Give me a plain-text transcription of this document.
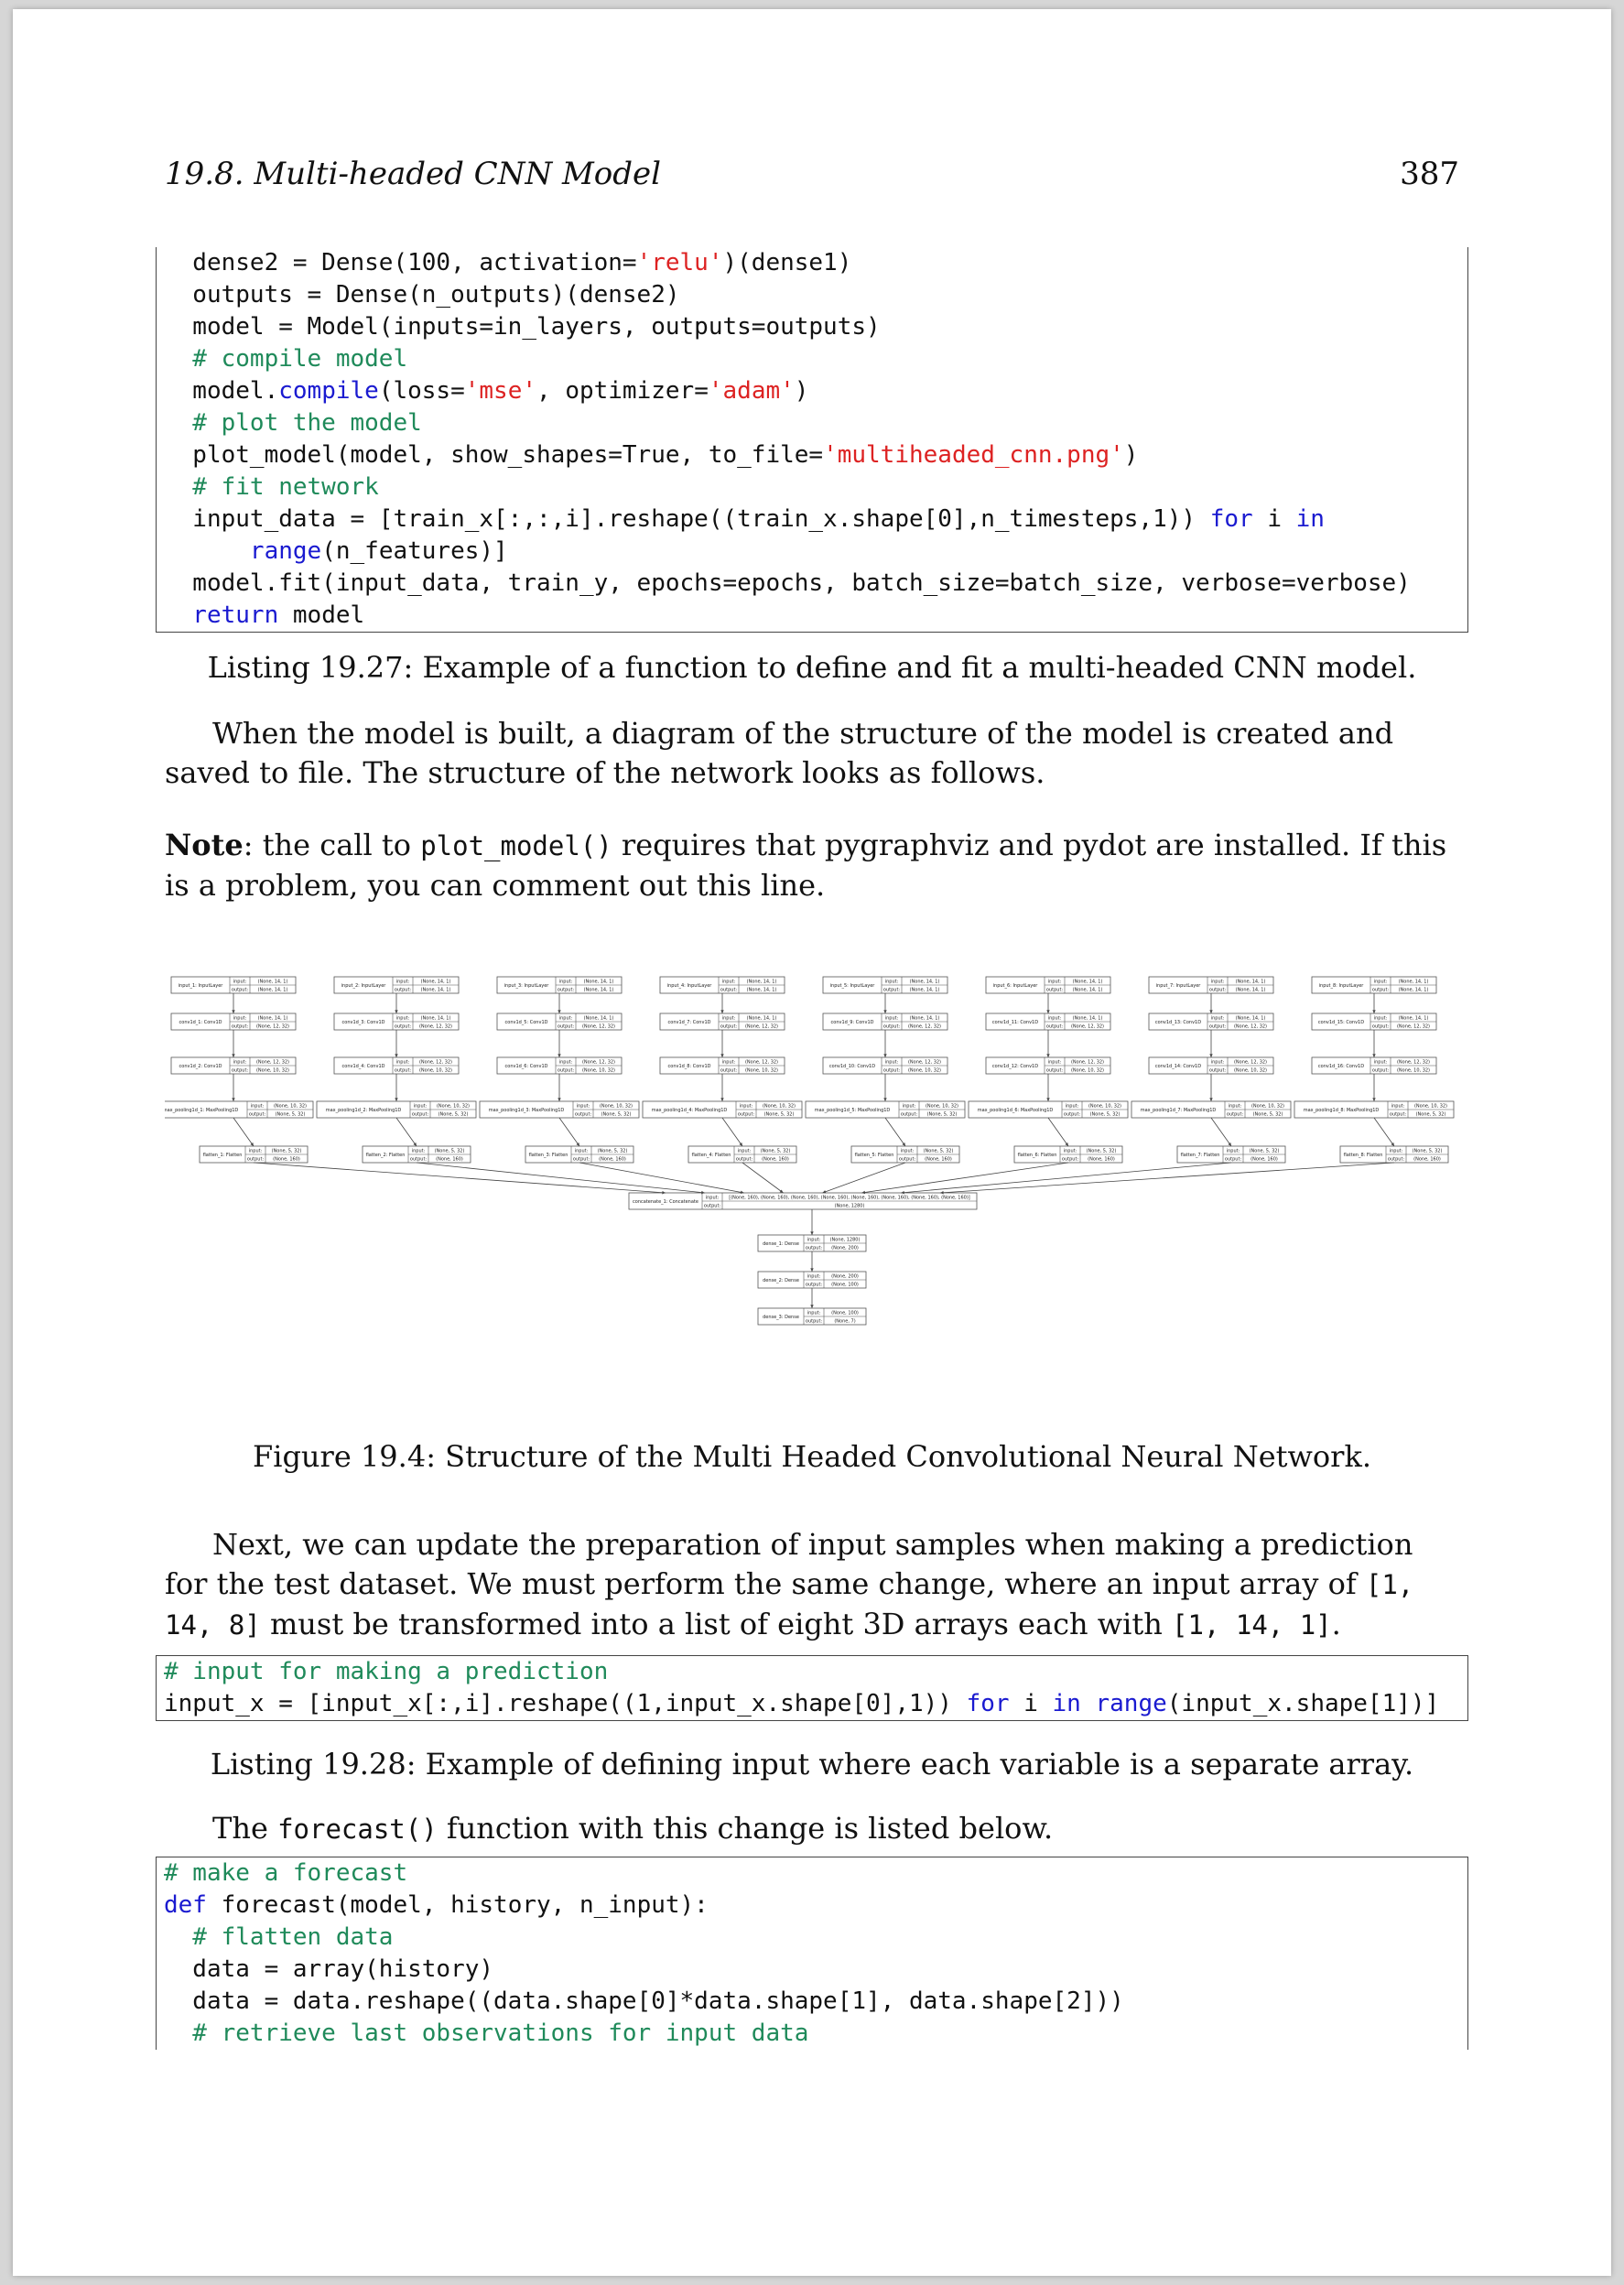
19.8. Multi-headed CNN Model	387
dense2 = Dense(100, activation='relu')(dense1)
outputs = Dense(n_outputs)(dense2)
model = Model(inputs=in_layers, outputs=outputs)
# compile model
model.compile(loss='mse', optimizer='adam')
# plot the model
plot_model(model, show_shapes=True, to_file='multiheaded_cnn.png')
# fit network
input_data = [train_x[:,:,i].reshape((train_x.shape[0],n_timesteps,1)) for i in
range(n_features)]
model.fit(input_data, train_y, epochs=epochs, batch_size=batch_size, verbose=verbose)
return model
Listing 19.27: Example of a function to define and fit a multi-headed CNN model.
When the model is built, a diagram of the structure of the model is created and saved to file. The structure of the network looks as follows.
Note: the call to plot_model() requires that pygraphviz and pydot are installed. If this is a problem, you can comment out this line.
input_1: InputLayer
input:
output:
(None, 14, 1)
(None, 14, 1)
conv1d_1: Conv1D
input:
output:
(None, 14, 1)
(None, 12, 32)
conv1d_2: Conv1D
input:
output:
(None, 12, 32)
(None, 10, 32)
max_pooling1d_1: MaxPooling1D
input:
output:
(None, 10, 32)
(None, 5, 32)
flatten_1: Flatten
input:
output:
(None, 5, 32)
(None, 160)
input_2: InputLayer
input:
output:
(None, 14, 1)
(None, 14, 1)
conv1d_3: Conv1D
input:
output:
(None, 14, 1)
(None, 12, 32)
conv1d_4: Conv1D
input:
output:
(None, 12, 32)
(None, 10, 32)
max_pooling1d_2: MaxPooling1D
input:
output:
(None, 10, 32)
(None, 5, 32)
flatten_2: Flatten
input:
output:
(None, 5, 32)
(None, 160)
input_3: InputLayer
input:
output:
(None, 14, 1)
(None, 14, 1)
conv1d_5: Conv1D
input:
output:
(None, 14, 1)
(None, 12, 32)
conv1d_6: Conv1D
input:
output:
(None, 12, 32)
(None, 10, 32)
max_pooling1d_3: MaxPooling1D
input:
output:
(None, 10, 32)
(None, 5, 32)
flatten_3: Flatten
input:
output:
(None, 5, 32)
(None, 160)
input_4: InputLayer
input:
output:
(None, 14, 1)
(None, 14, 1)
conv1d_7: Conv1D
input:
output:
(None, 14, 1)
(None, 12, 32)
conv1d_8: Conv1D
input:
output:
(None, 12, 32)
(None, 10, 32)
max_pooling1d_4: MaxPooling1D
input:
output:
(None, 10, 32)
(None, 5, 32)
flatten_4: Flatten
input:
output:
(None, 5, 32)
(None, 160)
input_5: InputLayer
input:
output:
(None, 14, 1)
(None, 14, 1)
conv1d_9: Conv1D
input:
output:
(None, 14, 1)
(None, 12, 32)
conv1d_10: Conv1D
input:
output:
(None, 12, 32)
(None, 10, 32)
max_pooling1d_5: MaxPooling1D
input:
output:
(None, 10, 32)
(None, 5, 32)
flatten_5: Flatten
input:
output:
(None, 5, 32)
(None, 160)
input_6: InputLayer
input:
output:
(None, 14, 1)
(None, 14, 1)
conv1d_11: Conv1D
input:
output:
(None, 14, 1)
(None, 12, 32)
conv1d_12: Conv1D
input:
output:
(None, 12, 32)
(None, 10, 32)
max_pooling1d_6: MaxPooling1D
input:
output:
(None, 10, 32)
(None, 5, 32)
flatten_6: Flatten
input:
output:
(None, 5, 32)
(None, 160)
input_7: InputLayer
input:
output:
(None, 14, 1)
(None, 14, 1)
conv1d_13: Conv1D
input:
output:
(None, 14, 1)
(None, 12, 32)
conv1d_14: Conv1D
input:
output:
(None, 12, 32)
(None, 10, 32)
max_pooling1d_7: MaxPooling1D
input:
output:
(None, 10, 32)
(None, 5, 32)
flatten_7: Flatten
input:
output:
(None, 5, 32)
(None, 160)
input_8: InputLayer
input:
output:
(None, 14, 1)
(None, 14, 1)
conv1d_15: Conv1D
input:
output:
(None, 14, 1)
(None, 12, 32)
conv1d_16: Conv1D
input:
output:
(None, 12, 32)
(None, 10, 32)
max_pooling1d_8: MaxPooling1D
input:
output:
(None, 10, 32)
(None, 5, 32)
flatten_8: Flatten
input:
output:
(None, 5, 32)
(None, 160)
concatenate_1: Concatenate
input:
output:
[(None, 160), (None, 160), (None, 160), (None, 160), (None, 160), (None, 160), (None, 160), (None, 160)]
(None, 1280)
dense_1: Dense
input:
output:
(None, 1280)
(None, 200)
dense_2: Dense
input:
output:
(None, 200)
(None, 100)
dense_3: Dense
input:
output:
(None, 100)
(None, 7)
Figure 19.4: Structure of the Multi Headed Convolutional Neural Network.
Next, we can update the preparation of input samples when making a prediction for the test dataset. We must perform the same change, where an input array of [1, 14, 8] must be transformed into a list of eight 3D arrays each with [1, 14, 1].
# input for making a prediction
input_x = [input_x[:,i].reshape((1,input_x.shape[0],1)) for i in range(input_x.shape[1])]
Listing 19.28: Example of defining input where each variable is a separate array.
The forecast() function with this change is listed below.
# make a forecast
def forecast(model, history, n_input):
# flatten data
data = array(history)
data = data.reshape((data.shape[0]*data.shape[1], data.shape[2]))
# retrieve last observations for input data
